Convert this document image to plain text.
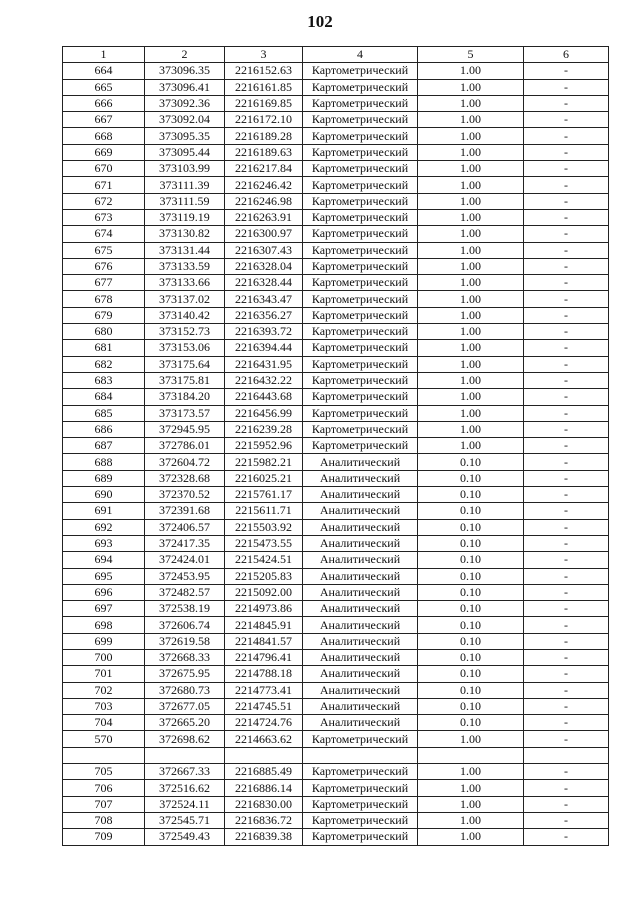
102
1	2	3	4	5	6
664	373096.35	2216152.63	Картометрический	1.00	-
665	373096.41	2216161.85	Картометрический	1.00	-
666	373092.36	2216169.85	Картометрический	1.00	-
667	373092.04	2216172.10	Картометрический	1.00	-
668	373095.35	2216189.28	Картометрический	1.00	-
669	373095.44	2216189.63	Картометрический	1.00	-
670	373103.99	2216217.84	Картометрический	1.00	-
671	373111.39	2216246.42	Картометрический	1.00	-
672	373111.59	2216246.98	Картометрический	1.00	-
673	373119.19	2216263.91	Картометрический	1.00	-
674	373130.82	2216300.97	Картометрический	1.00	-
675	373131.44	2216307.43	Картометрический	1.00	-
676	373133.59	2216328.04	Картометрический	1.00	-
677	373133.66	2216328.44	Картометрический	1.00	-
678	373137.02	2216343.47	Картометрический	1.00	-
679	373140.42	2216356.27	Картометрический	1.00	-
680	373152.73	2216393.72	Картометрический	1.00	-
681	373153.06	2216394.44	Картометрический	1.00	-
682	373175.64	2216431.95	Картометрический	1.00	-
683	373175.81	2216432.22	Картометрический	1.00	-
684	373184.20	2216443.68	Картометрический	1.00	-
685	373173.57	2216456.99	Картометрический	1.00	-
686	372945.95	2216239.28	Картометрический	1.00	-
687	372786.01	2215952.96	Картометрический	1.00	-
688	372604.72	2215982.21	Аналитический	0.10	-
689	372328.68	2216025.21	Аналитический	0.10	-
690	372370.52	2215761.17	Аналитический	0.10	-
691	372391.68	2215611.71	Аналитический	0.10	-
692	372406.57	2215503.92	Аналитический	0.10	-
693	372417.35	2215473.55	Аналитический	0.10	-
694	372424.01	2215424.51	Аналитический	0.10	-
695	372453.95	2215205.83	Аналитический	0.10	-
696	372482.57	2215092.00	Аналитический	0.10	-
697	372538.19	2214973.86	Аналитический	0.10	-
698	372606.74	2214845.91	Аналитический	0.10	-
699	372619.58	2214841.57	Аналитический	0.10	-
700	372668.33	2214796.41	Аналитический	0.10	-
701	372675.95	2214788.18	Аналитический	0.10	-
702	372680.73	2214773.41	Аналитический	0.10	-
703	372677.05	2214745.51	Аналитический	0.10	-
704	372665.20	2214724.76	Аналитический	0.10	-
570	372698.62	2214663.62	Картометрический	1.00	-

705	372667.33	2216885.49	Картометрический	1.00	-
706	372516.62	2216886.14	Картометрический	1.00	-
707	372524.11	2216830.00	Картометрический	1.00	-
708	372545.71	2216836.72	Картометрический	1.00	-
709	372549.43	2216839.38	Картометрический	1.00	-
